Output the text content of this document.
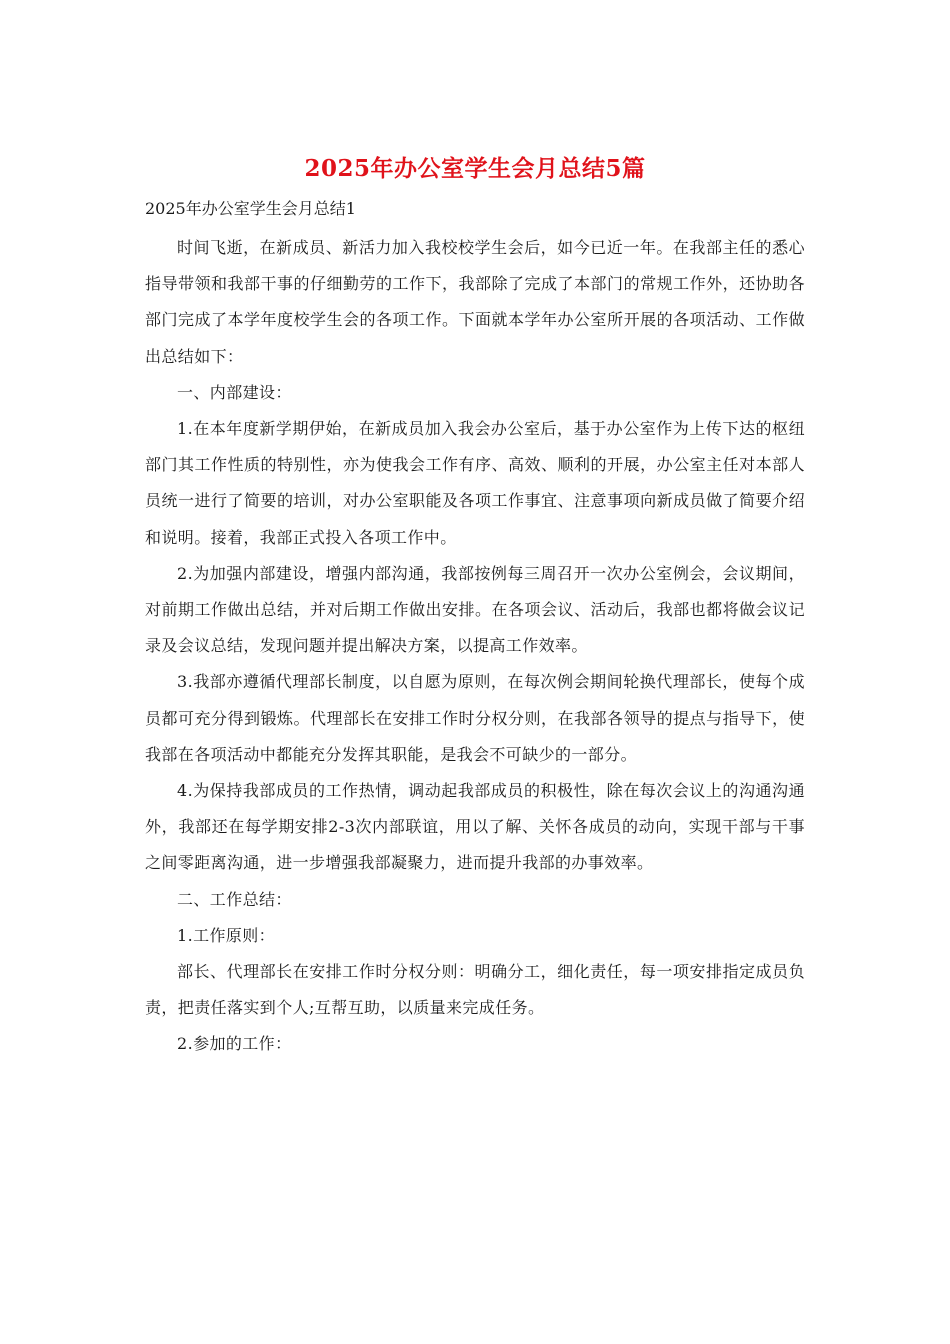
2025年办公室学生会月总结5篇

2025年办公室学生会月总结1

时间飞逝，在新成员、新活力加入我校校学生会后，如今已近一年。在我部主任的悉心指导带领和我部干事的仔细勤劳的工作下，我部除了完成了本部门的常规工作外，还协助各部门完成了本学年度校学生会的各项工作。下面就本学年办公室所开展的各项活动、工作做出总结如下：

一、内部建设：

1.在本年度新学期伊始，在新成员加入我会办公室后，基于办公室作为上传下达的枢纽部门其工作性质的特别性，亦为使我会工作有序、高效、顺利的开展，办公室主任对本部人员统一进行了简要的培训，对办公室职能及各项工作事宜、注意事项向新成员做了简要介绍和说明。接着，我部正式投入各项工作中。

2.为加强内部建设，增强内部沟通，我部按例每三周召开一次办公室例会，会议期间，对前期工作做出总结，并对后期工作做出安排。在各项会议、活动后，我部也都将做会议记录及会议总结，发现问题并提出解决方案，以提高工作效率。

3.我部亦遵循代理部长制度，以自愿为原则，在每次例会期间轮换代理部长，使每个成员都可充分得到锻炼。代理部长在安排工作时分权分则，在我部各领导的提点与指导下，使我部在各项活动中都能充分发挥其职能，是我会不可缺少的一部分。

4.为保持我部成员的工作热情，调动起我部成员的积极性，除在每次会议上的沟通沟通外，我部还在每学期安排2-3次内部联谊，用以了解、关怀各成员的动向，实现干部与干事之间零距离沟通，进一步增强我部凝聚力，进而提升我部的办事效率。

二、工作总结：

1.工作原则：

部长、代理部长在安排工作时分权分则：明确分工，细化责任，每一项安排指定成员负责，把责任落实到个人;互帮互助，以质量来完成任务。

2.参加的工作：
